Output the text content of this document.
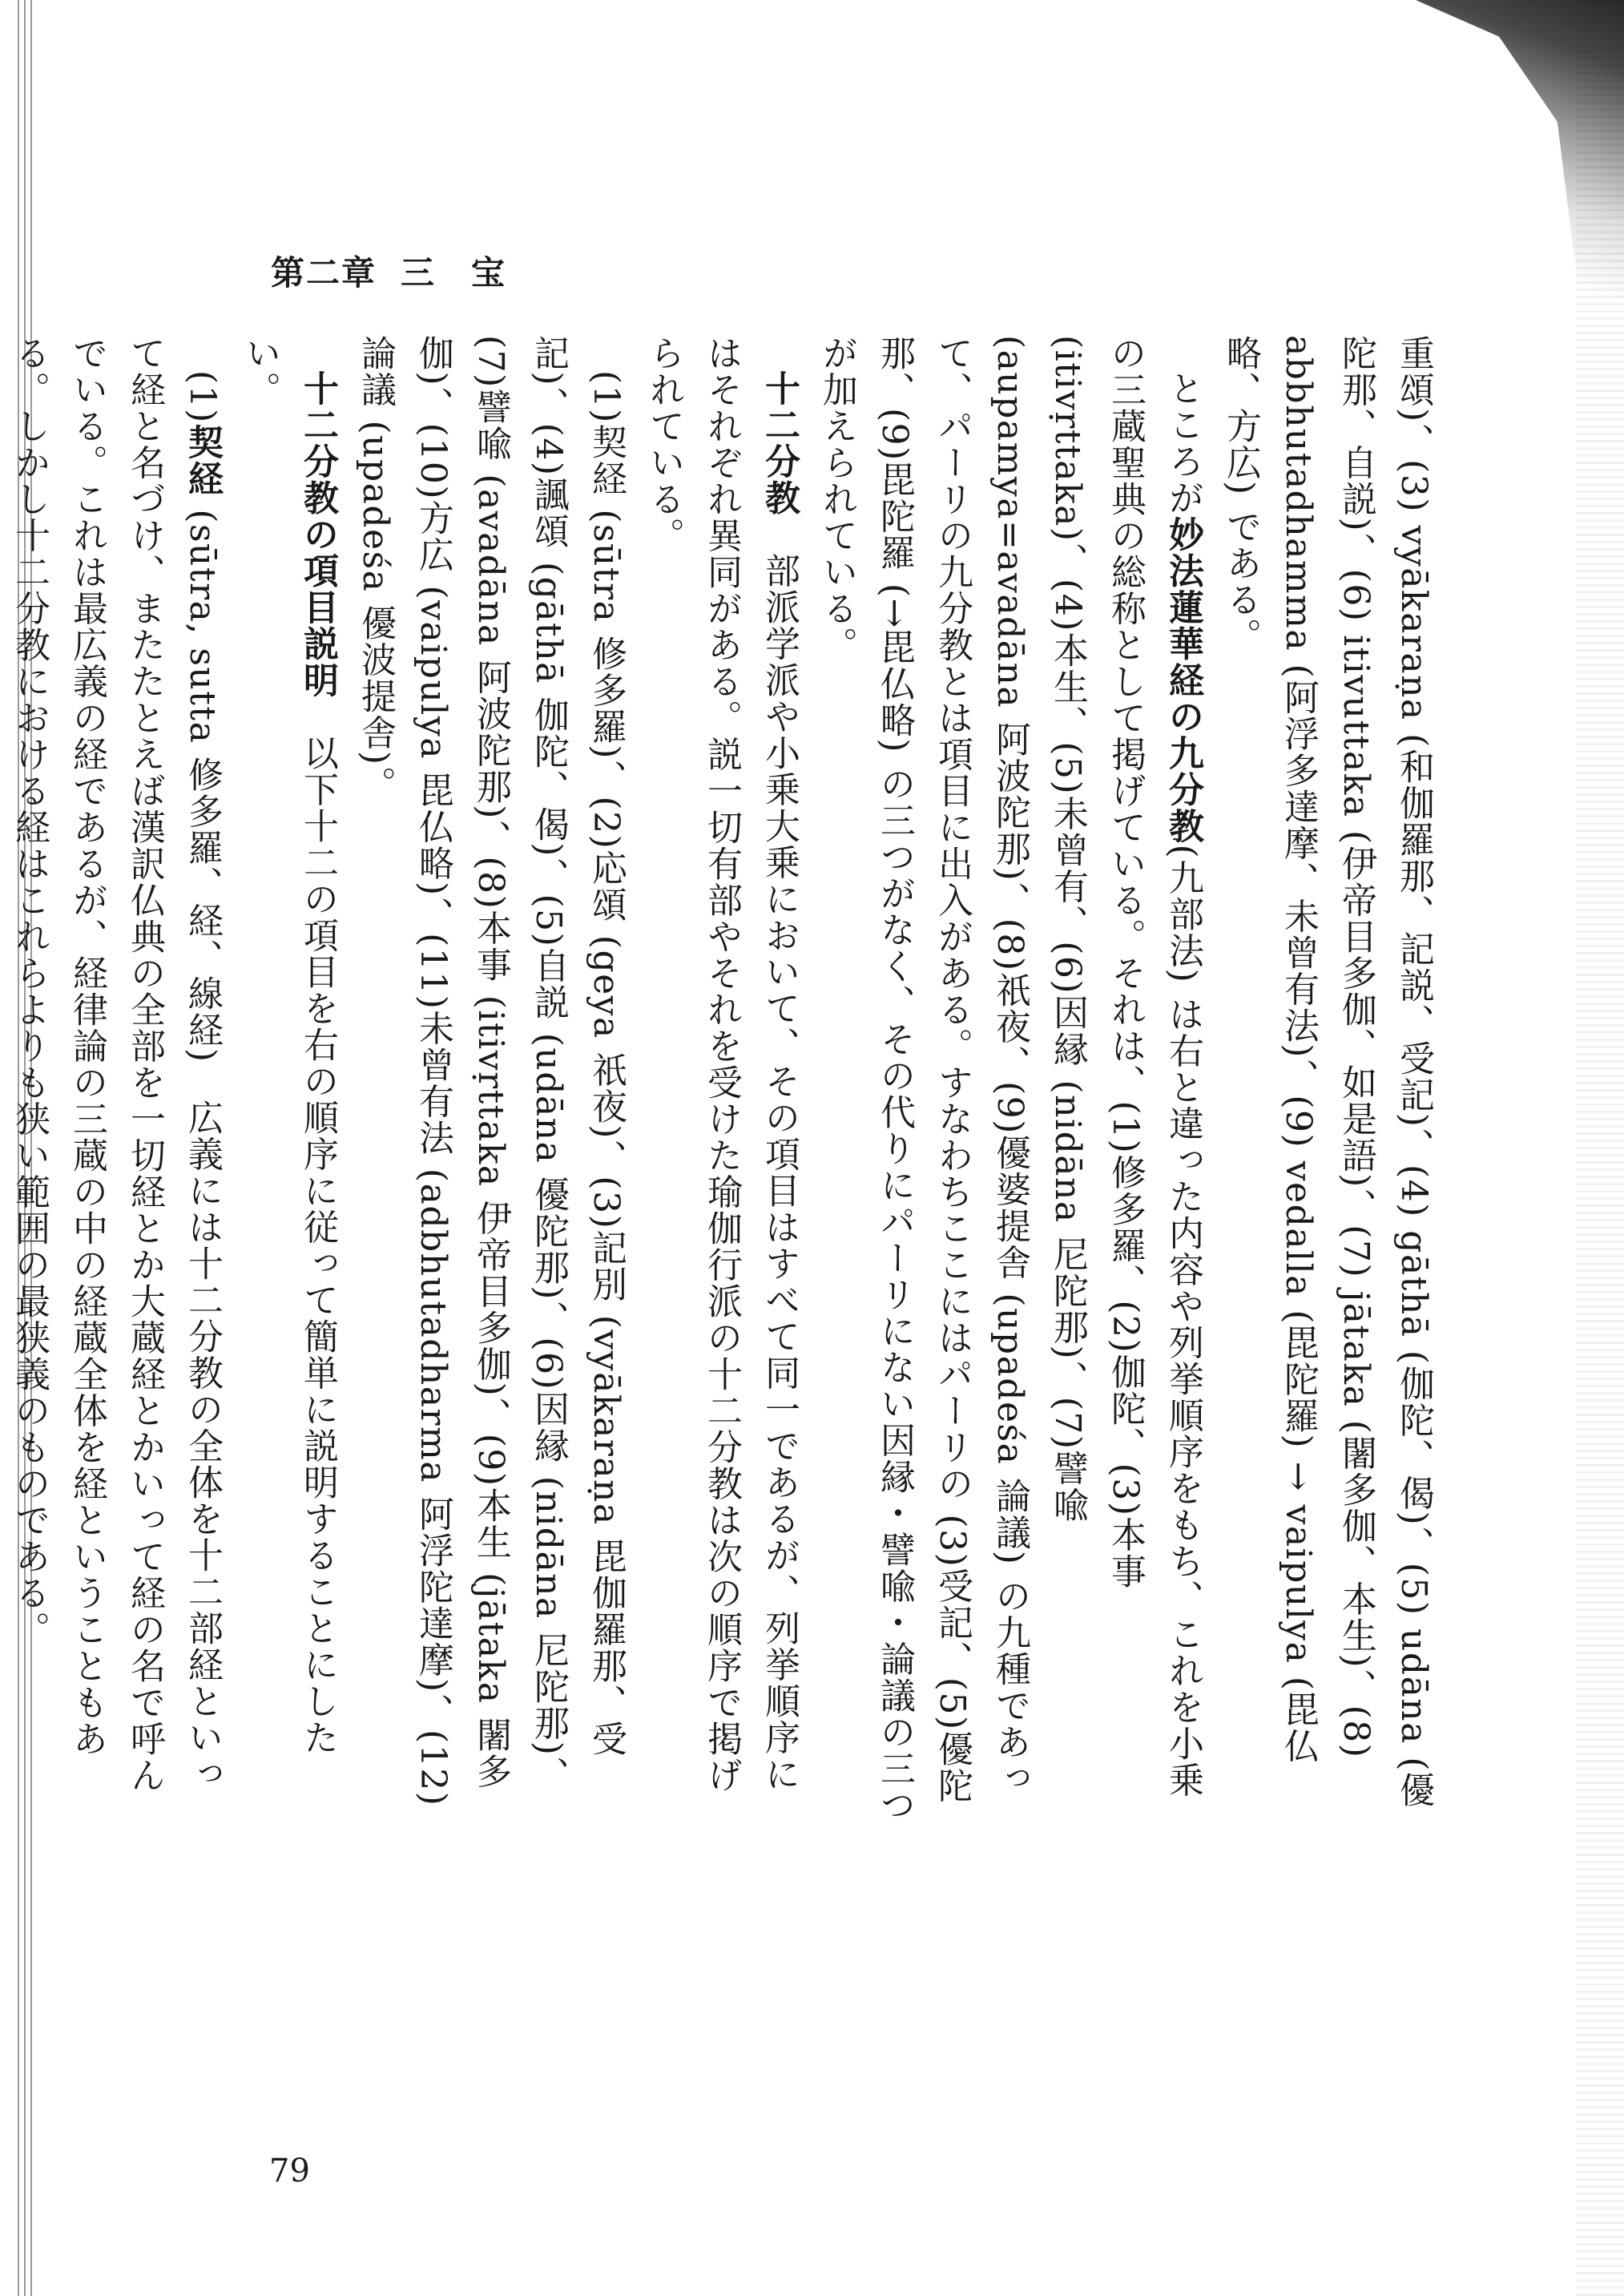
第二章 三　宝

重頌)、(3) vyākaraṇa (和伽羅那、記説、受記)、(4) gāthā (伽陀、偈)、(5) udāna (優陀那、自説)、(6) itivuttaka (伊帝目多伽、如是語)、(7) jātaka (闍多伽、本生)、(8) abbhutadhamma (阿浮多達摩、未曾有法)、(9) vedalla (毘陀羅) → vaipulya (毘仏略、方広) である。

ところが妙法蓮華経の九分教(九部法) は右と違った内容や列挙順序をもち、これを小乗の三蔵聖典の総称として掲げている。それは、(1)修多羅、(2)伽陀、(3)本事 (itivṛttaka)、(4)本生、(5)未曾有、(6)因縁 (nidāna 尼陀那)、(7)譬喩 (aupamya=avadāna 阿波陀那)、(8)祇夜、(9)優婆提舎 (upadeśa 論議) の九種であって、パーリの九分教とは項目に出入がある。すなわちここにはパーリの (3)受記、(5)優陀那、(9)毘陀羅 (→毘仏略) の三つがなく、その代りにパーリにない因縁・譬喩・論議の三つが加えられている。

十二分教　部派学派や小乗大乗において、その項目はすべて同一であるが、列挙順序にはそれぞれ異同がある。説一切有部やそれを受けた瑜伽行派の十二分教は次の順序で掲げられている。

(1)契経 (sūtra 修多羅)、(2)応頌 (geya 祇夜)、(3)記別 (vyākaraṇa 毘伽羅那、受記)、(4)諷頌 (gāthā 伽陀、偈)、(5)自説 (udāna 優陀那)、(6)因縁 (nidāna 尼陀那)、(7)譬喩 (avadāna 阿波陀那)、(8)本事 (itivṛttaka 伊帝目多伽)、(9)本生 (jātaka 闍多伽)、(10)方広 (vaipulya 毘仏略)、(11)未曾有法 (adbhutadharma 阿浮陀達摩)、(12)論議 (upadeśa 優波提舎)。

十二分教の項目説明　以下十二の項目を右の順序に従って簡単に説明することにしたい。

(1)契経 (sūtra, sutta 修多羅、経、線経)　広義には十二分教の全体を十二部経といって経と名づけ、またたとえば漢訳仏典の全部を一切経とか大蔵経とかいって経の名で呼んでいる。これは最広義の経であるが、経律論の三蔵の中の経蔵全体を経ということもある。しかし十二分教における経はこれらよりも狭い範囲の最狭義のものである。

79
